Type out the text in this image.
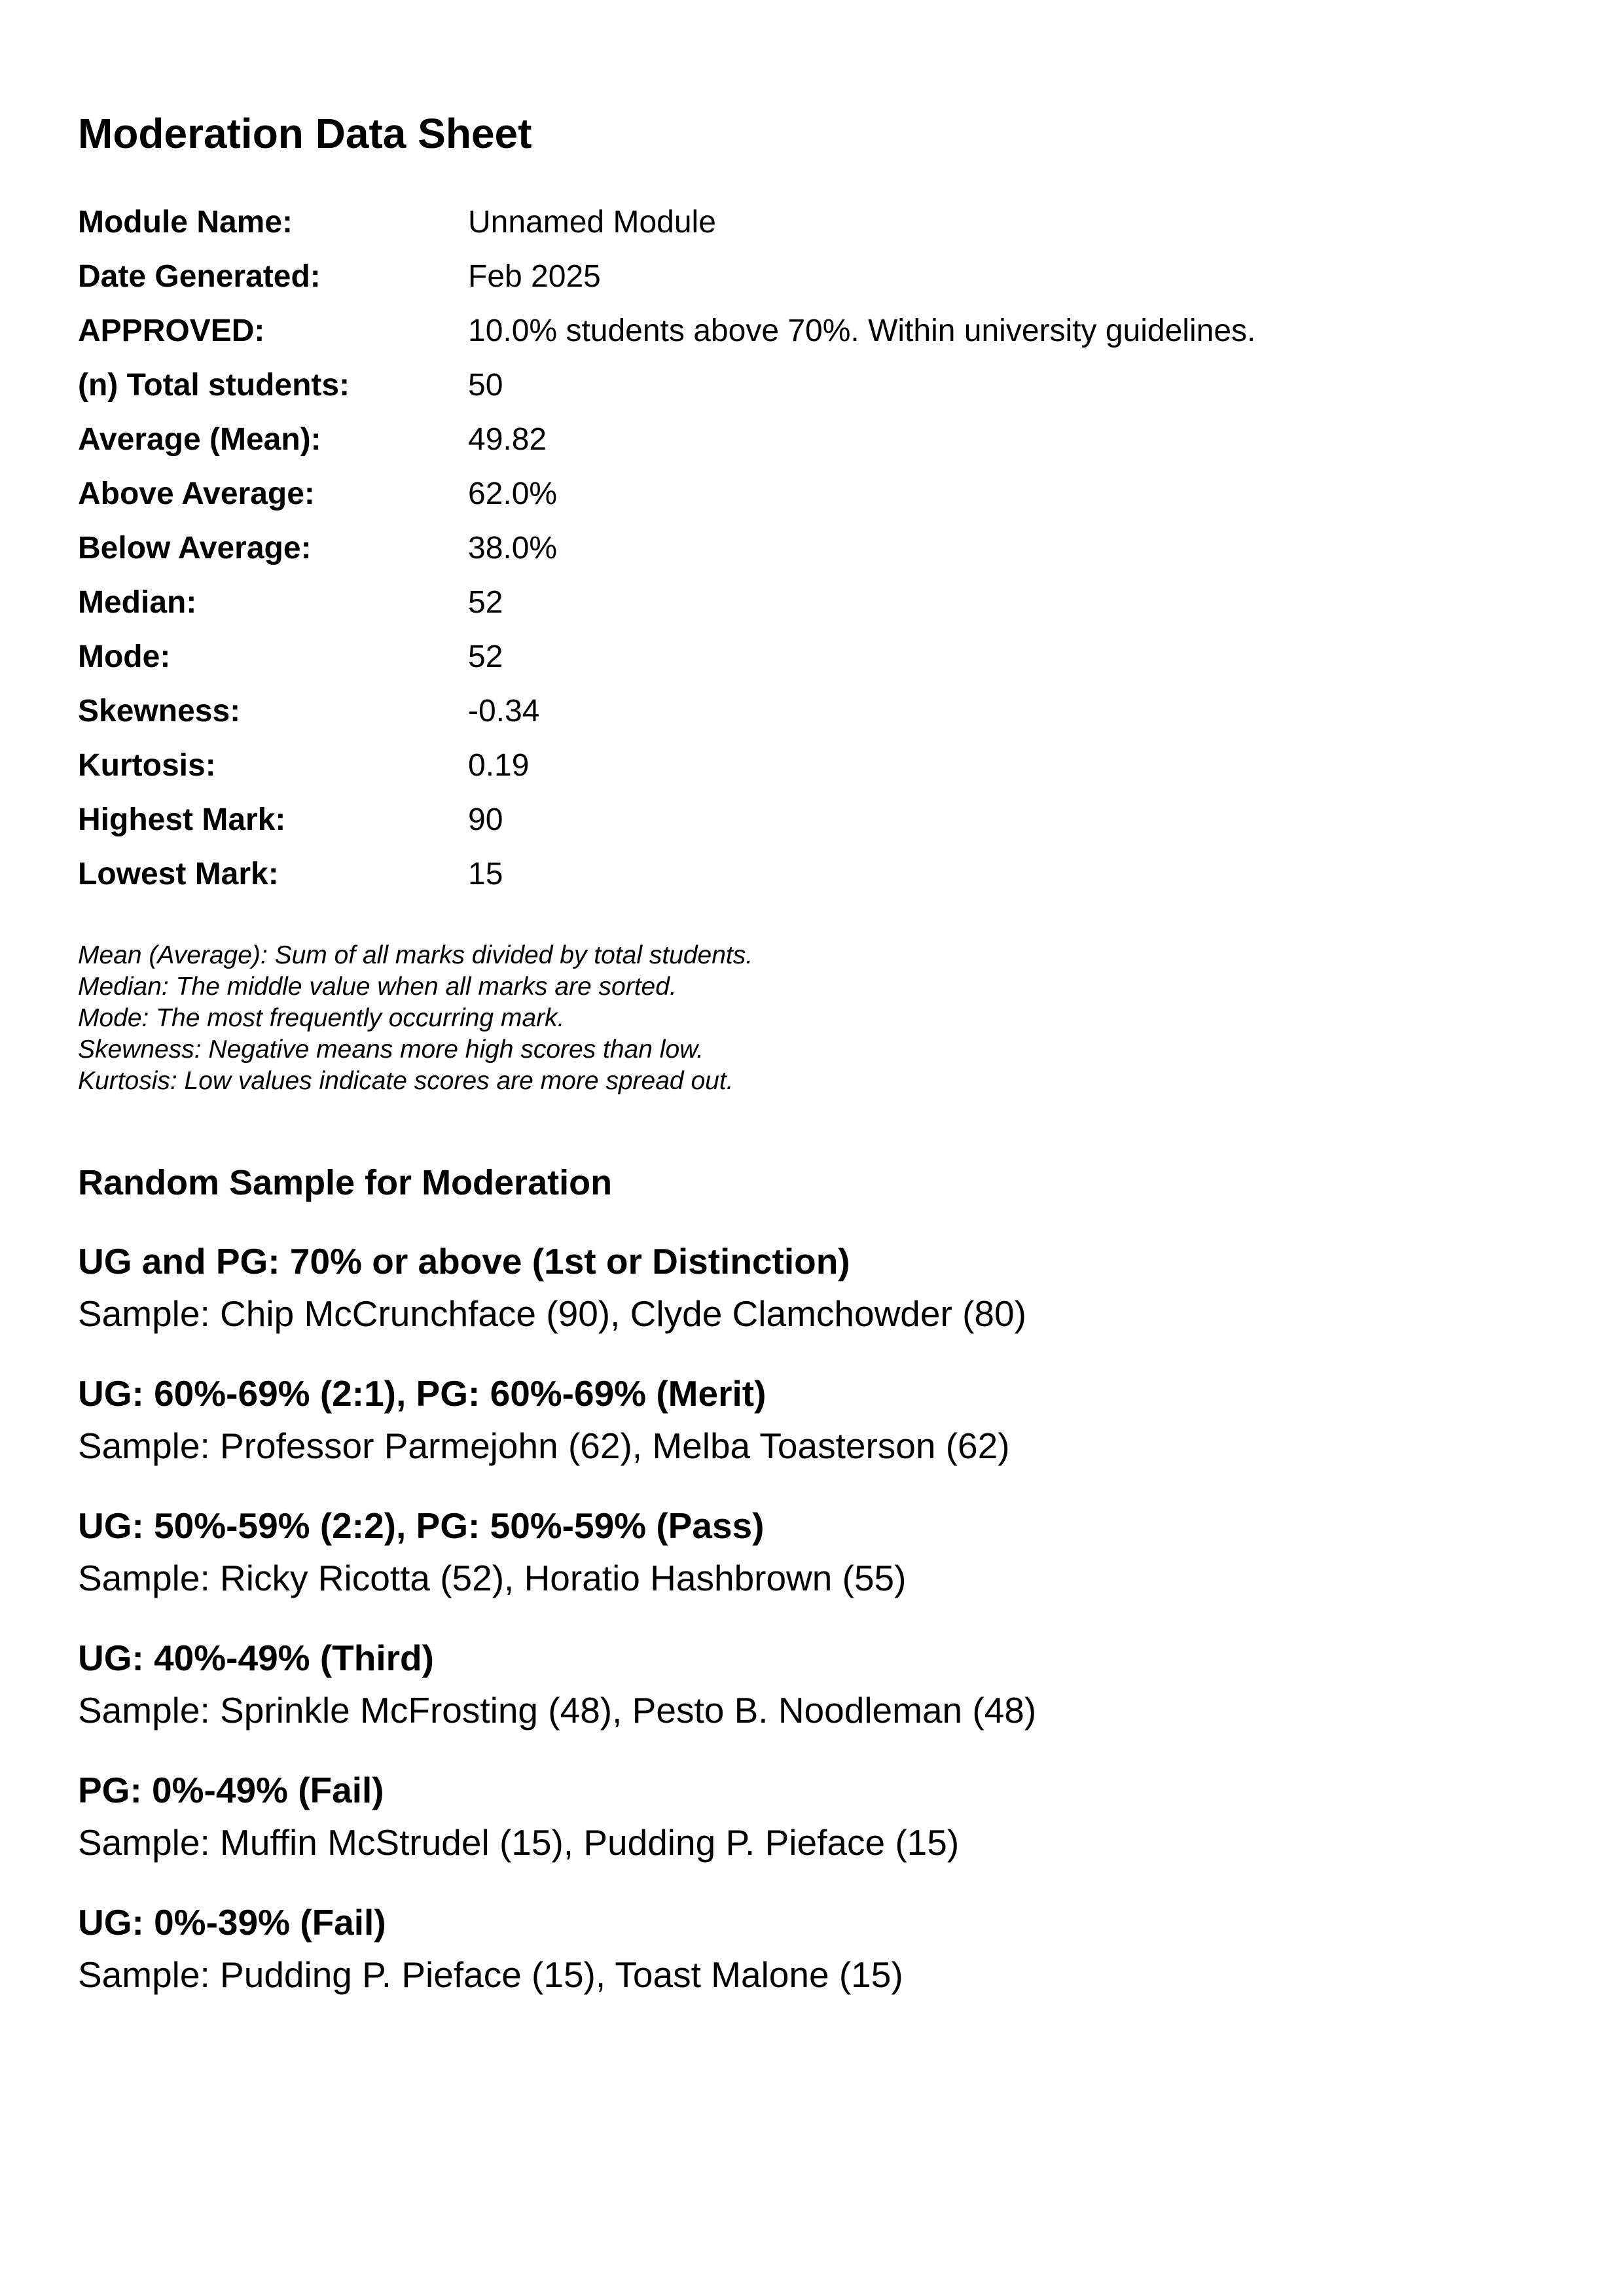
Moderation Data Sheet
Module Name:	Unnamed Module
Date Generated:	Feb 2025
APPROVED:	10.0% students above 70%. Within university guidelines.
(n) Total students:	50
Average (Mean):	49.82
Above Average:	62.0%
Below Average:	38.0%
Median:	52
Mode:	52
Skewness:	-0.34
Kurtosis:	0.19
Highest Mark:	90
Lowest Mark:	15
Mean (Average): Sum of all marks divided by total students.
Median: The middle value when all marks are sorted.
Mode: The most frequently occurring mark.
Skewness: Negative means more high scores than low.
Kurtosis: Low values indicate scores are more spread out.
Random Sample for Moderation
UG and PG: 70% or above (1st or Distinction)
Sample: Chip McCrunchface (90), Clyde Clamchowder (80)
UG: 60%-69% (2:1), PG: 60%-69% (Merit)
Sample: Professor Parmejohn (62), Melba Toasterson (62)
UG: 50%-59% (2:2), PG: 50%-59% (Pass)
Sample: Ricky Ricotta (52), Horatio Hashbrown (55)
UG: 40%-49% (Third)
Sample: Sprinkle McFrosting (48), Pesto B. Noodleman (48)
PG: 0%-49% (Fail)
Sample: Muffin McStrudel (15), Pudding P. Pieface (15)
UG: 0%-39% (Fail)
Sample: Pudding P. Pieface (15), Toast Malone (15)
